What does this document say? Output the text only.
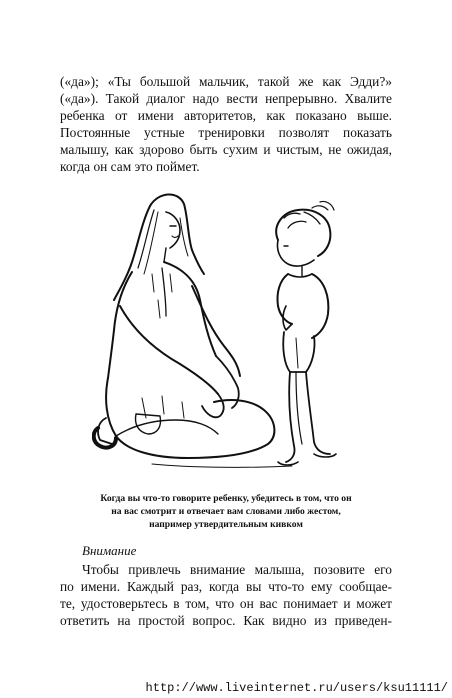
(«да»); «Ты большой мальчик, такой же как Эдди?»
(«да»). Такой диалог надо вести непрерывно. Хвалите
ребенка от имени авторитетов, как показано выше.
Постоянные устные тренировки позволят показать
малышу, как здорово быть сухим и чистым, не ожидая,
когда он сам это поймет.
Когда вы что-то говорите ребенку, убедитесь в том, что он
на вас смотрит и отвечает вам словами либо жестом,
например утвердительным кивком
Внимание
Чтобы привлечь внимание малыша, позовите его
по имени. Каждый раз, когда вы что-то ему сообщае-
те, удостоверьтесь в том, что он вас понимает и может
ответить на простой вопрос. Как видно из приведен-
http://www.liveinternet.ru/users/ksu11111/
